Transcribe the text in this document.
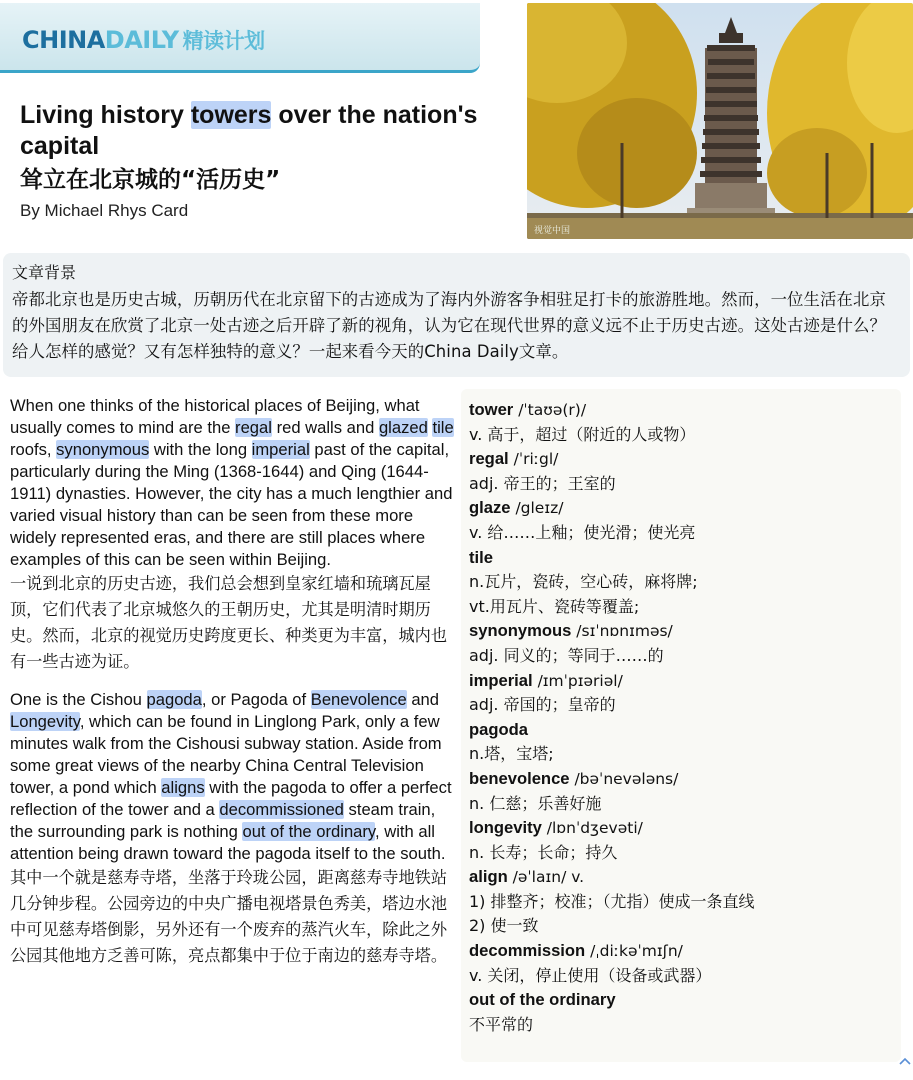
CHINADAILY 精读计划
视觉中国
Living history towers over the nation's capital
耸立在北京城的“活历史”
By Michael Rhys Card
文章背景
帝都北京也是历史古城，历朝历代在北京留下的古迹成为了海内外游客争相驻足打卡的旅游胜地。然而，一位生活在北京的外国朋友在欣赏了北京一处古迹之后开辟了新的视角，认为它在现代世界的意义远不止于历史古迹。这处古迹是什么？给人怎样的感觉？又有怎样独特的意义？一起来看今天的China Daily文章。

When one thinks of the historical places of Beijing, what usually comes to mind are the regal red walls and glazed tile roofs, synonymous with the long imperial past of the capital, particularly during the Ming (1368-1644) and Qing (1644-1911) dynasties. However, the city has a much lengthier and varied visual history than can be seen from these more widely represented eras, and there are still places where examples of this can be seen within Beijing.

一说到北京的历史古迹，我们总会想到皇家红墙和琉璃瓦屋顶，它们代表了北京城悠久的王朝历史，尤其是明清时期历史。然而，北京的视觉历史跨度更长、种类更为丰富，城内也有一些古迹为证。

One is the Cishou pagoda, or Pagoda of Benevolence and Longevity, which can be found in Linglong Park, only a few minutes walk from the Cishousi subway station. Aside from some great views of the nearby China Central Television tower, a pond which aligns with the pagoda to offer a perfect reflection of the tower and a decommissioned steam train, the surrounding park is nothing out of the ordinary, with all attention being drawn toward the pagoda itself to the south.

其中一个就是慈寿寺塔，坐落于玲珑公园，距离慈寿寺地铁站几分钟步程。公园旁边的中央广播电视塔景色秀美，塔边水池中可见慈寿塔倒影，另外还有一个废弃的蒸汽火车，除此之外公园其他地方乏善可陈，亮点都集中于位于南边的慈寿寺塔。

tower /ˈtaʊə(r)/
v. 高于，超过（附近的人或物）
regal /ˈriːgl/
adj. 帝王的；王室的
glaze /gleɪz/
v. 给……上釉；使光滑；使光亮
tile
n.瓦片，瓷砖，空心砖，麻将牌;
vt.用瓦片、瓷砖等覆盖;
synonymous /sɪˈnɒnɪməs/
adj. 同义的；等同于……的
imperial /ɪmˈpɪəriəl/
adj. 帝国的；皇帝的
pagoda
n.塔，宝塔;
benevolence /bəˈnevələns/
n. 仁慈；乐善好施
longevity /lɒnˈdʒevəti/
n. 长寿；长命；持久
align /əˈlaɪn/ v.
1) 排整齐；校准；（尤指）使成一条直线
2) 使一致
decommission /ˌdiːkəˈmɪʃn/
v. 关闭，停止使用（设备或武器）
out of the ordinary
不平常的
